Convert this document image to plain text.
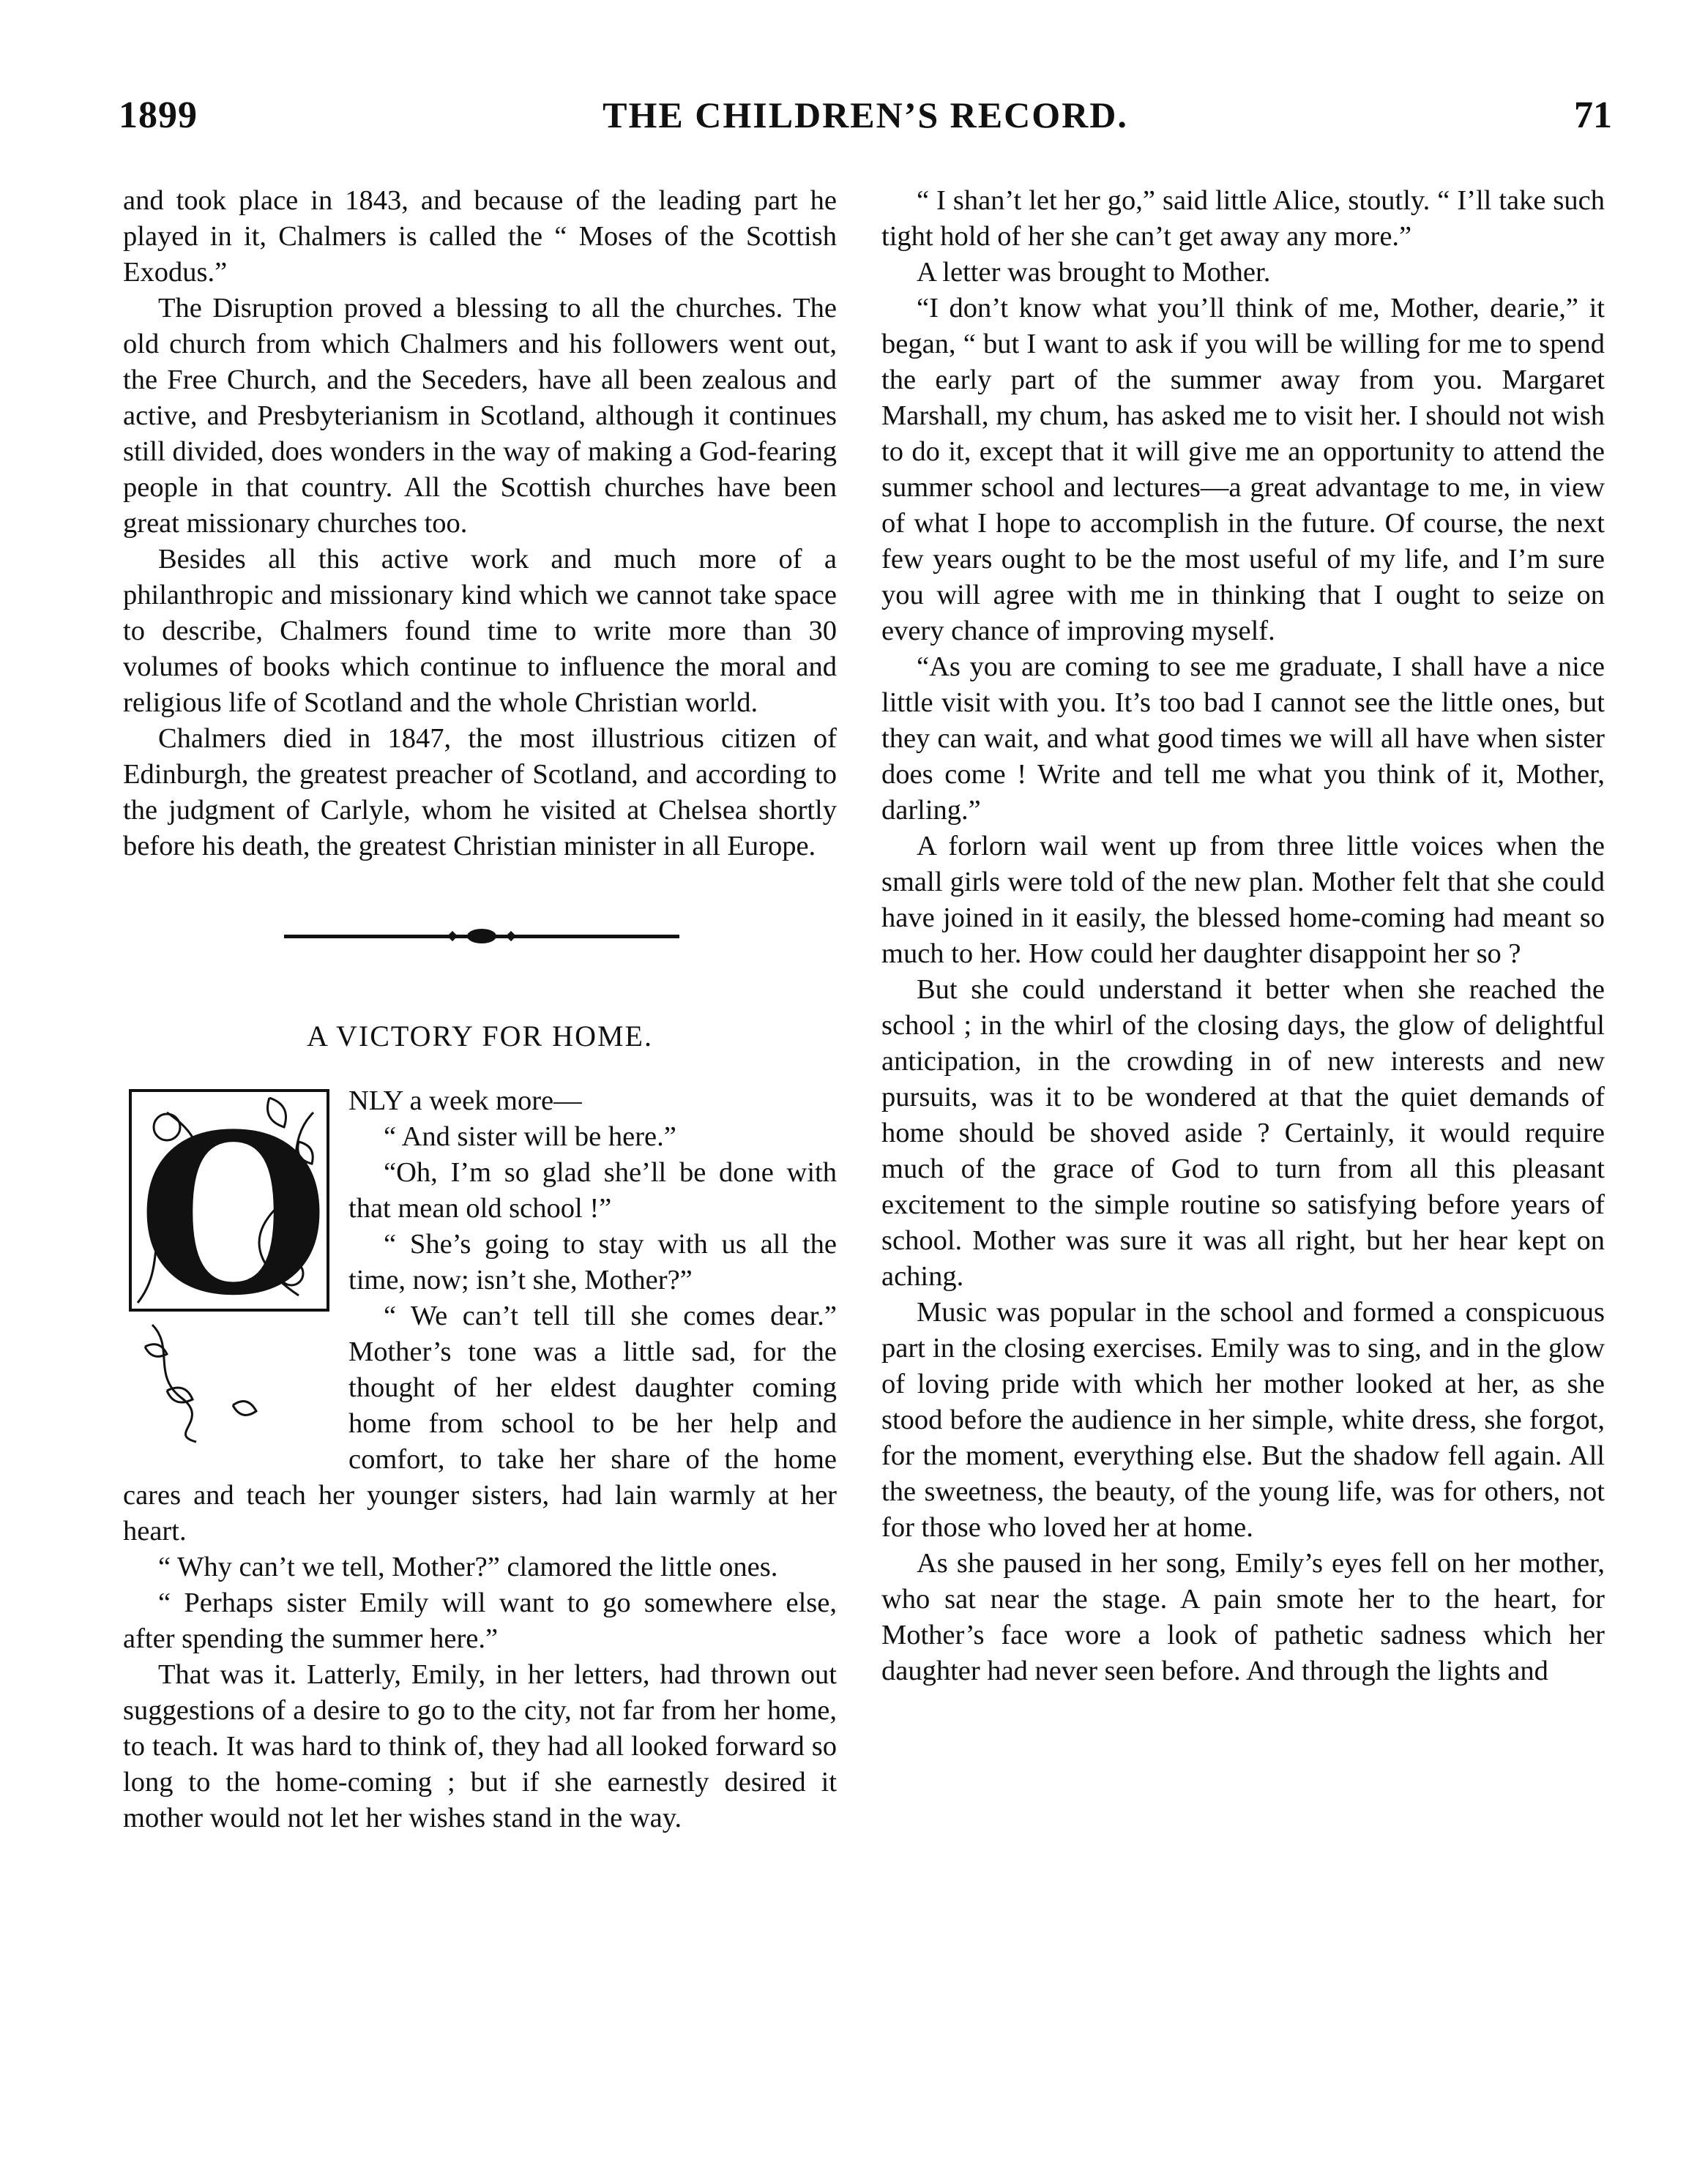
1899	THE CHILDREN’S RECORD.	71

and took place in 1843, and because of the leading part he played in it, Chalmers is called the “ Moses of the Scottish Exodus.”

The Disruption proved a blessing to all the churches. The old church from which Chalmers and his followers went out, the Free Church, and the Seceders, have all been zealous and active, and Presbyterianism in Scotland, although it continues still divided, does wonders in the way of making a God-fearing people in that country. All the Scottish churches have been great missionary churches too.

Besides all this active work and much more of a philanthropic and missionary kind which we cannot take space to describe, Chalmers found time to write more than 30 volumes of books which continue to influence the moral and religious life of Scotland and the whole Christian world.

Chalmers died in 1847, the most illustrious citizen of Edinburgh, the greatest preacher of Scotland, and according to the judgment of Carlyle, whom he visited at Chelsea shortly before his death, the greatest Christian minister in all Europe.

A VICTORY FOR HOME.
O NLY a week more—

“ And sister will be here.”

“Oh, I’m so glad she’ll be done with that mean old school !”

“ She’s going to stay with us all the time, now; isn’t she, Mother?”

“ We can’t tell till she comes dear.” Mother’s tone was a little sad, for the thought of her eldest daughter coming home from school to be her help and comfort, to take her share of the home cares and teach her younger sisters, had lain warmly at her heart.

“ Why can’t we tell, Mother?” clamored the little ones.

“ Perhaps sister Emily will want to go somewhere else, after spending the summer here.”

That was it. Latterly, Emily, in her letters, had thrown out suggestions of a desire to go to the city, not far from her home, to teach. It was hard to think of, they had all looked forward so long to the home-coming ; but if she earnestly desired it mother would not let her wishes stand in the way.

“ I shan’t let her go,” said little Alice, stoutly. “ I’ll take such tight hold of her she can’t get away any more.”

A letter was brought to Mother.

“I don’t know what you’ll think of me, Mother, dearie,” it began, “ but I want to ask if you will be willing for me to spend the early part of the summer away from you. Margaret Marshall, my chum, has asked me to visit her. I should not wish to do it, except that it will give me an opportunity to attend the summer school and lectures—a great advantage to me, in view of what I hope to accomplish in the future. Of course, the next few years ought to be the most useful of my life, and I’m sure you will agree with me in thinking that I ought to seize on every chance of improving myself.

“As you are coming to see me graduate, I shall have a nice little visit with you. It’s too bad I cannot see the little ones, but they can wait, and what good times we will all have when sister does come ! Write and tell me what you think of it, Mother, darling.”

A forlorn wail went up from three little voices when the small girls were told of the new plan. Mother felt that she could have joined in it easily, the blessed home-coming had meant so much to her. How could her daughter disappoint her so ?

But she could understand it better when she reached the school ; in the whirl of the closing days, the glow of delightful anticipation, in the crowding in of new interests and new pursuits, was it to be wondered at that the quiet demands of home should be shoved aside ? Certainly, it would require much of the grace of God to turn from all this pleasant excitement to the simple routine so satisfying before years of school. Mother was sure it was all right, but her hear kept on aching.

Music was popular in the school and formed a conspicuous part in the closing exercises. Emily was to sing, and in the glow of loving pride with which her mother looked at her, as she stood before the audience in her simple, white dress, she forgot, for the moment, everything else. But the shadow fell again. All the sweetness, the beauty, of the young life, was for others, not for those who loved her at home.

As she paused in her song, Emily’s eyes fell on her mother, who sat near the stage. A pain smote her to the heart, for Mother’s face wore a look of pathetic sadness which her daughter had never seen before. And through the lights and
